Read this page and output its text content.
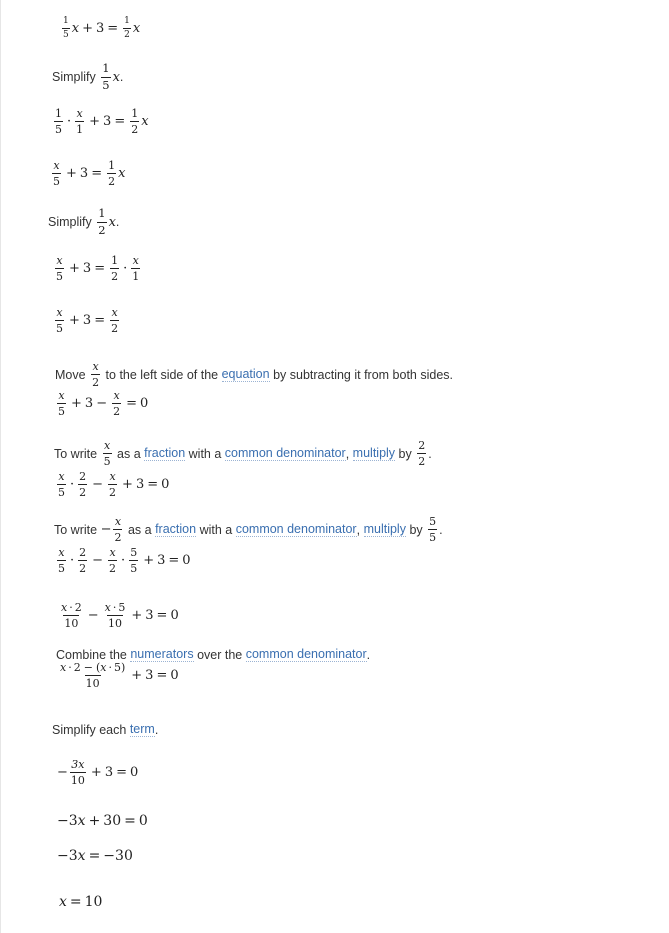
$\frac{1}{5}$ $x + 3 = \frac{1}{2}$ x
Simplify
$\frac{1}{5}$ x .
$\frac{1}{5} \cdot \frac{x}{1} + 3 = \frac{1}{2}$ x
$\frac{x}{5} + 3 = \frac{1}{2}$ x
Simplify
$\frac{1}{2}$ x .
$\frac{x}{5} + 3 = \frac{1}{2} \cdot \frac{x}{1}$
$\frac{x}{5} + 3 = \frac{x}{2}$
Move
$\frac{x}{2}$
to the left side of the
equation
by subtracting it from both sides.
$\frac{x}{5} + 3 - \frac{x}{2} = 0$
To write
$\frac{x}{5}$
as a
fraction
with a
common denominator ,
multiply
by
$\frac{2}{2}$ .
$\frac{x}{5} \cdot \frac{2}{2} - \frac{x}{2} + 3 = 0$
To write
− $\frac{x}{2}$
as a
fraction
with a
common denominator ,
multiply
by
$\frac{5}{5}$ .
$\frac{x}{5} \cdot \frac{2}{2} - \frac{x}{2} \cdot \frac{5}{5} + 3 = 0$
$\frac{x \cdot 2}{10} - \frac{x \cdot 5}{10} + 3 = 0$
Combine the
numerators
over the
common denominator .
$\frac{x \cdot 2 - (x \cdot 5)}{10} + 3 = 0$
Simplify each
term .
− $\frac{3x}{10} + 3 = 0$
− 3 x + 30 = 0
− 3 x = − 30
x = 10
